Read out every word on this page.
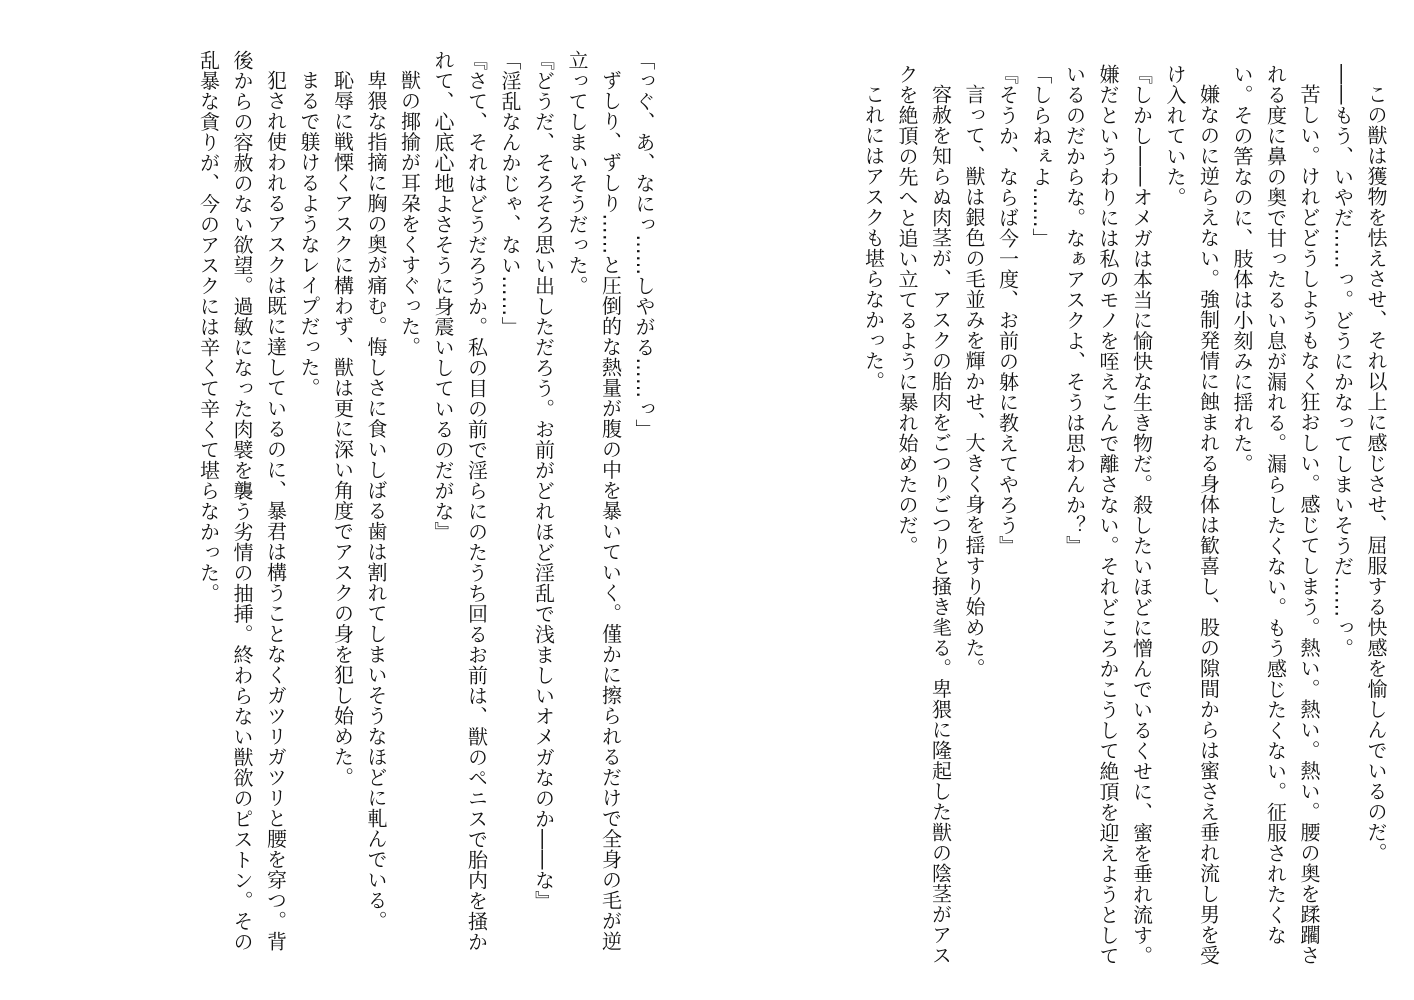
この獣は獲物を怯えさせ、それ以上に感じさせ、屈服する快感を愉しんでいるのだ。

――もう、いやだ……っ。どうにかなってしまいそうだ……っ。

苦しい。けれどどうしようもなく狂おしい。感じてしまう。熱い。熱い。熱い。腰の奥を蹂躙される度に鼻の奥で甘ったるい息が漏れる。漏らしたくない。もう感じたくない。征服されたくない。その筈なのに、肢体は小刻みに揺れた。

嫌なのに逆らえない。強制発情に蝕まれる身体は歓喜し、股の隙間からは蜜さえ垂れ流し男を受け入れていた。

『しかし――オメガは本当に愉快な生き物だ。殺したいほどに憎んでいるくせに、蜜を垂れ流す。嫌だというわりには私のモノを咥えこんで離さない。それどころかこうして絶頂を迎えようとしているのだからな。なぁアスクよ、そうは思わんか？』

「しらねぇよ……」

『そうか、ならば今一度、お前の躰に教えてやろう』

言って、獣は銀色の毛並みを輝かせ、大きく身を揺すり始めた。

容赦を知らぬ肉茎が、アスクの胎肉をごつりごつりと掻き毟る。卑猥に隆起した獣の陰茎がアスクを絶頂の先へと追い立てるように暴れ始めたのだ。

これにはアスクも堪らなかった。

「っぐ、あ、なにっ……しやがる……っ」

ずしり、ずしり……と圧倒的な熱量が腹の中を暴いていく。僅かに擦られるだけで全身の毛が逆立ってしまいそうだった。

『どうだ、そろそろ思い出しただろう。お前がどれほど淫乱で浅ましいオメガなのか――な』

「淫乱なんかじゃ、ない……」

『さて、それはどうだろうか。私の目の前で淫らにのたうち回るお前は、獣のペニスで胎内を掻かれて、心底心地よさそうに身震いしているのだがな』

獣の揶揄が耳朶をくすぐった。

卑猥な指摘に胸の奥が痛む。悔しさに食いしばる歯は割れてしまいそうなほどに軋んでいる。

恥辱に戦慄くアスクに構わず、獣は更に深い角度でアスクの身を犯し始めた。

まるで躾けるようなレイプだった。

犯され使われるアスクは既に達しているのに、暴君は構うことなくガツリガツリと腰を穿つ。背後からの容赦のない欲望。過敏になった肉襞を襲う劣情の抽挿。終わらない獣欲のピストン。その乱暴な貪りが、今のアスクには辛くて辛くて堪らなかった。
